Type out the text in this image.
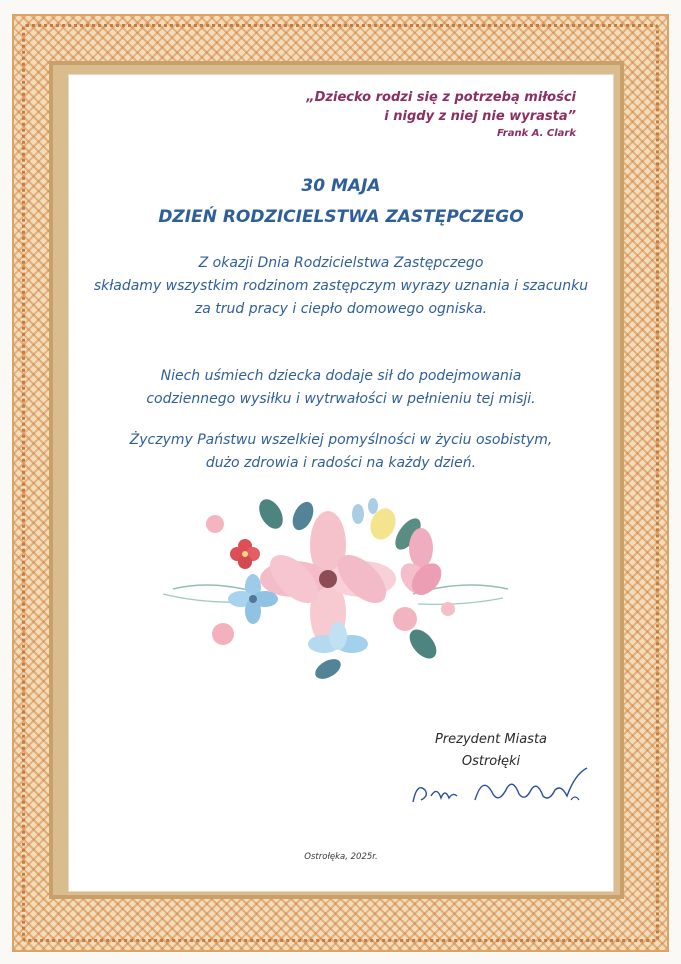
„Dziecko rodzi się z potrzebą miłości
i nigdy z niej nie wyrasta”
Frank A. Clark
30 MAJA
DZIEŃ RODZICIELSTWA ZASTĘPCZEGO
Z okazji Dnia Rodzicielstwa Zastępczego
składamy wszystkim rodzinom zastępczym wyrazy uznania i szacunku
za trud pracy i ciepło domowego ogniska.
Niech uśmiech dziecka dodaje sił do podejmowania
codziennego wysiłku i wytrwałości w pełnieniu tej misji.
Życzymy Państwu wszelkiej pomyślności w życiu osobistym,
dużo zdrowia i radości na każdy dzień.
Prezydent Miasta
Ostrołęki
Ostrołęka, 2025r.
